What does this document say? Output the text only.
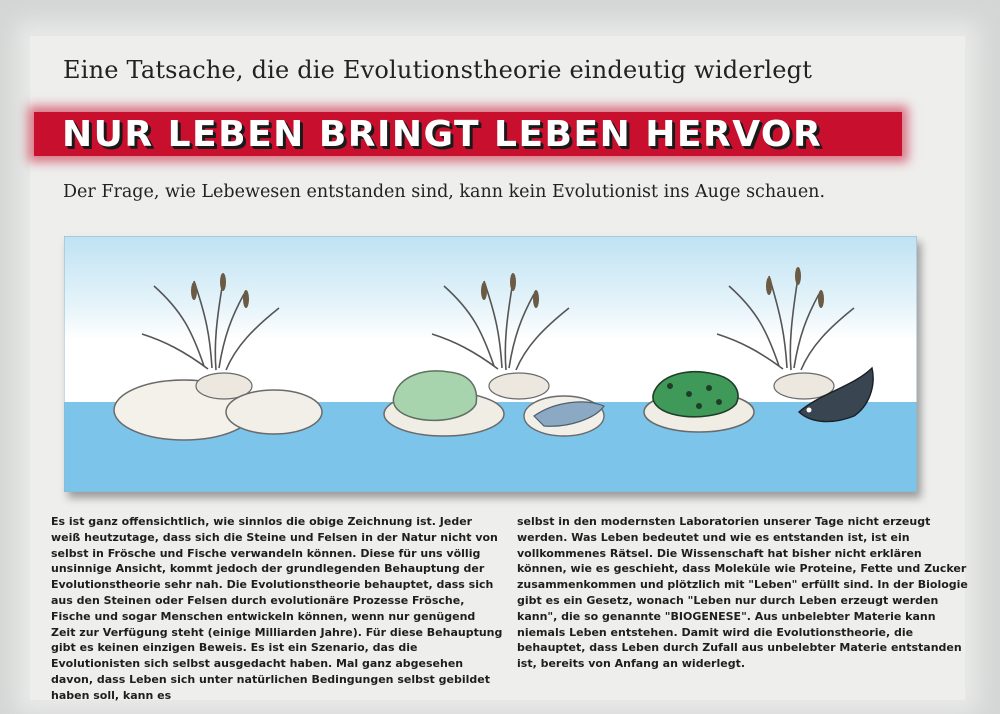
Eine Tatsache, die die Evolutionstheorie eindeutig widerlegt
NUR LEBEN BRINGT LEBEN HERVOR
Der Frage, wie Lebewesen entstanden sind, kann kein Evolutionist ins Auge schauen.

Es ist ganz offensichtlich, wie sinnlos die obige Zeichnung ist. Jeder weiß heutzutage, dass sich die Steine und Felsen in der Natur nicht von selbst in Frösche und Fische verwandeln können. Diese für uns völlig unsinnige Ansicht, kommt jedoch der grundlegenden Behauptung der Evolutionstheorie sehr nah. Die Evolutionstheorie behauptet, dass sich aus den Steinen oder Felsen durch evolutionäre Prozesse Frösche, Fische und sogar Menschen entwickeln können, wenn nur genügend Zeit zur Verfügung steht (einige Milliarden Jahre). Für diese Behauptung gibt es keinen einzigen Beweis. Es ist ein Szenario, das die Evolutionisten sich selbst ausgedacht haben. Mal ganz abgesehen davon, dass Leben sich unter natürlichen Bedingungen selbst gebildet haben soll, kann es

selbst in den modernsten Laboratorien unserer Tage nicht erzeugt werden. Was Leben bedeutet und wie es entstanden ist, ist ein vollkommenes Rätsel. Die Wissenschaft hat bisher nicht erklären können, wie es geschieht, dass Moleküle wie Proteine, Fette und Zucker zusammenkommen und plötzlich mit "Leben" erfüllt sind. In der Biologie gibt es ein Gesetz, wonach "Leben nur durch Leben erzeugt werden kann", die so genannte "BIOGENESE". Aus unbelebter Materie kann niemals Leben entstehen. Damit wird die Evolutionstheorie, die behauptet, dass Leben durch Zufall aus unbelebter Materie entstanden ist, bereits von Anfang an widerlegt.
